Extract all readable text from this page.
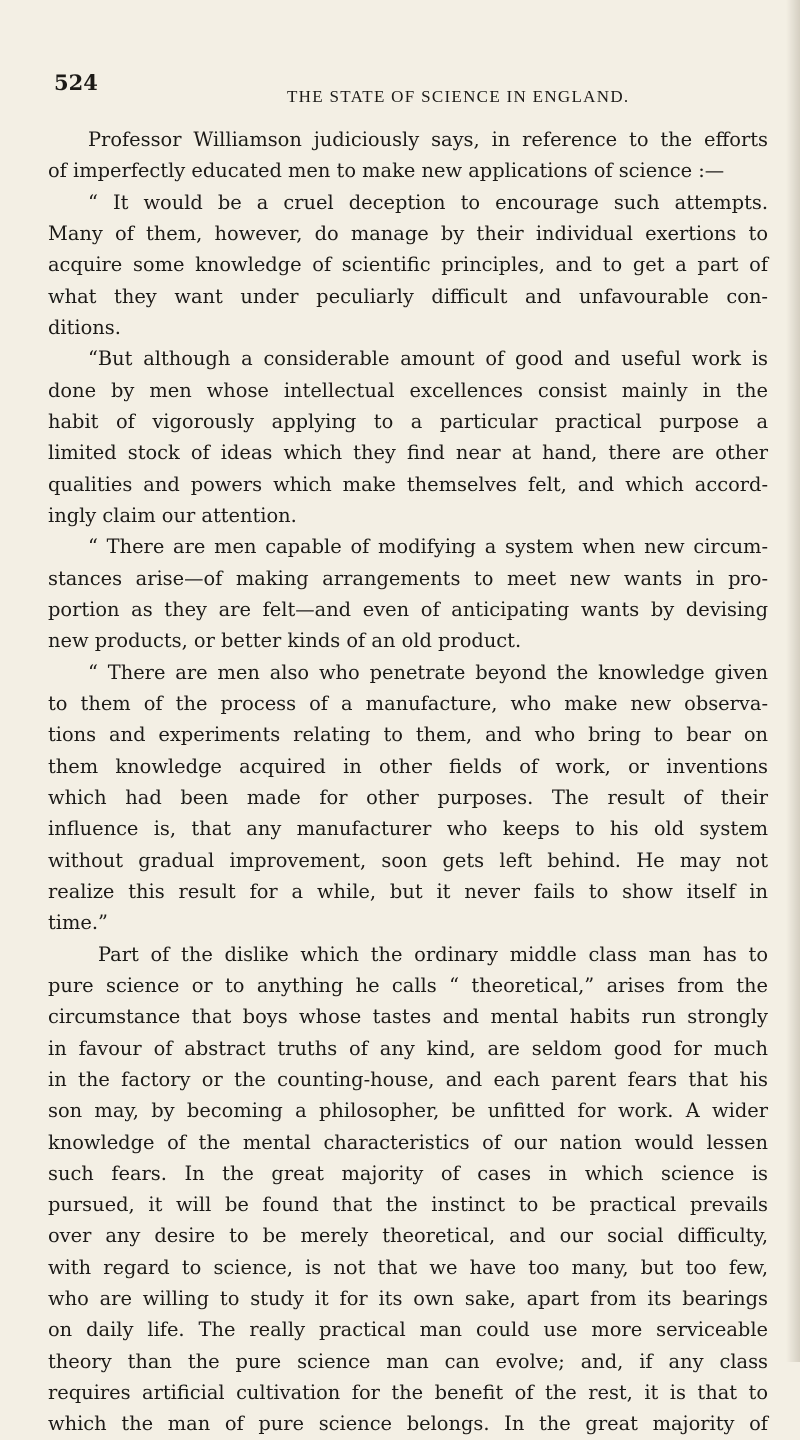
524
THE STATE OF SCIENCE IN ENGLAND.
Professor Williamson judiciously says, in reference to the efforts
of imperfectly educated men to make new applications of science :—
“ It would be a cruel deception to encourage such attempts.
Many of them, however, do manage by their individual exertions to
acquire some knowledge of scientific principles, and to get a part of
what they want under peculiarly difficult and unfavourable con-
ditions.
“But although a considerable amount of good and useful work is
done by men whose intellectual excellences consist mainly in the
habit of vigorously applying to a particular practical purpose a
limited stock of ideas which they find near at hand, there are other
qualities and powers which make themselves felt, and which accord-
ingly claim our attention.
“ There are men capable of modifying a system when new circum-
stances arise—of making arrangements to meet new wants in pro-
portion as they are felt—and even of anticipating wants by devising
new products, or better kinds of an old product.
“ There are men also who penetrate beyond the knowledge given
to them of the process of a manufacture, who make new observa-
tions and experiments relating to them, and who bring to bear on
them knowledge acquired in other fields of work, or inventions
which had been made for other purposes. The result of their
influence is, that any manufacturer who keeps to his old system
without gradual improvement, soon gets left behind. He may not
realize this result for a while, but it never fails to show itself in
time.”
Part of the dislike which the ordinary middle class man has to
pure science or to anything he calls “ theoretical,” arises from the
circumstance that boys whose tastes and mental habits run strongly
in favour of abstract truths of any kind, are seldom good for much
in the factory or the counting-house, and each parent fears that his
son may, by becoming a philosopher, be unfitted for work. A wider
knowledge of the mental characteristics of our nation would lessen
such fears. In the great majority of cases in which science is
pursued, it will be found that the instinct to be practical prevails
over any desire to be merely theoretical, and our social difficulty,
with regard to science, is not that we have too many, but too few,
who are willing to study it for its own sake, apart from its bearings
on daily life. The really practical man could use more serviceable
theory than the pure science man can evolve; and, if any class
requires artificial cultivation for the benefit of the rest, it is that to
which the man of pure science belongs. In the great majority of
